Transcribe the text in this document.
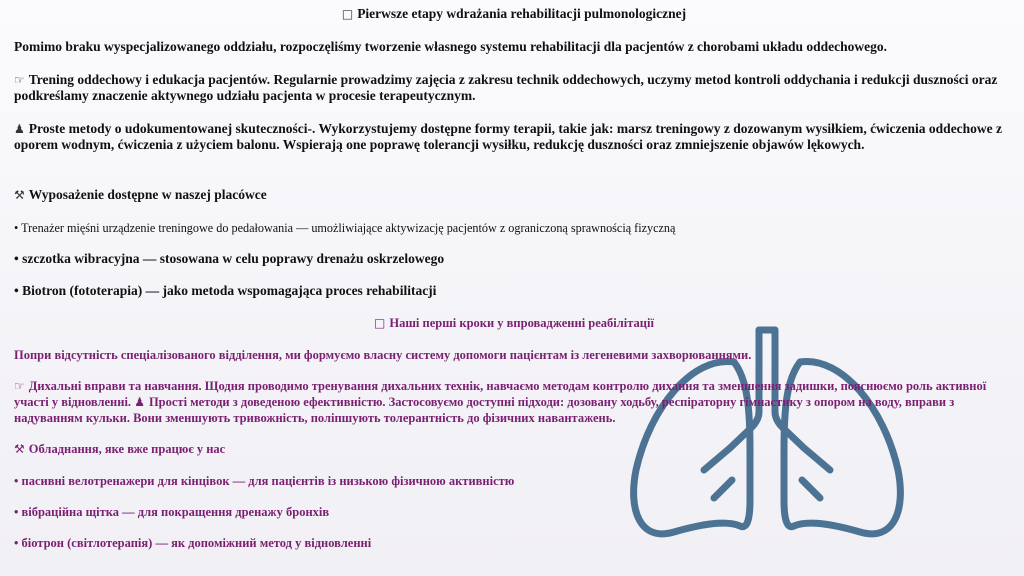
□ Pierwsze etapy wdrażania rehabilitacji pulmonologicznej

Pomimo braku wyspecjalizowanego oddziału, rozpoczęliśmy tworzenie własnego systemu rehabilitacji dla pacjentów z chorobami układu oddechowego.

☞ Trening oddechowy i edukacja pacjentów. Regularnie prowadzimy zajęcia z zakresu technik oddechowych, uczymy metod kontroli oddychania i redukcji duszności oraz podkreślamy znaczenie aktywnego udziału pacjenta w procesie terapeutycznym.

♟ Proste metody o udokumentowanej skuteczności-. Wykorzystujemy dostępne formy terapii, takie jak: marsz treningowy z dozowanym wysiłkiem, ćwiczenia oddechowe z oporem wodnym, ćwiczenia z użyciem balonu. Wspierają one poprawę tolerancji wysiłku, redukcję duszności oraz zmniejszenie objawów lękowych.

⚒ Wyposażenie dostępne w naszej placówce

• Trenażer mięśni urządzenie treningowe do pedałowania — umożliwiające aktywizację pacjentów z ograniczoną sprawnością fizyczną

• szczotka wibracyjna — stosowana w celu poprawy drenażu oskrzelowego

• Biotron (fototerapia) — jako metoda wspomagająca proces rehabilitacji

□ Наші перші кроки у впровадженні реабілітації

Попри відсутність спеціалізованого відділення, ми формуємо власну систему допомоги пацієнтам із легеневими захворюваннями.

☞ Дихальні вправи та навчання. Щодня проводимо тренування дихальних технік, навчаємо методам контролю дихання та зменшення задишки, пояснюємо роль активної участі у відновленні. ♟ Прості методи з доведеною ефективністю. Застосовуємо доступні підходи: дозовану ходьбу, респіраторну гімнастику з опором на воду, вправи з надуванням кульки. Вони зменшують тривожність, поліпшують толерантність до фізичних навантажень.

⚒ Обладнання, яке вже працює у нас

• пасивні велотренажери для кінцівок — для пацієнтів із низькою фізичною активністю

• вібраційна щітка — для покращення дренажу бронхів

• біотрон (світлотерапія) — як допоміжний метод у відновленні
